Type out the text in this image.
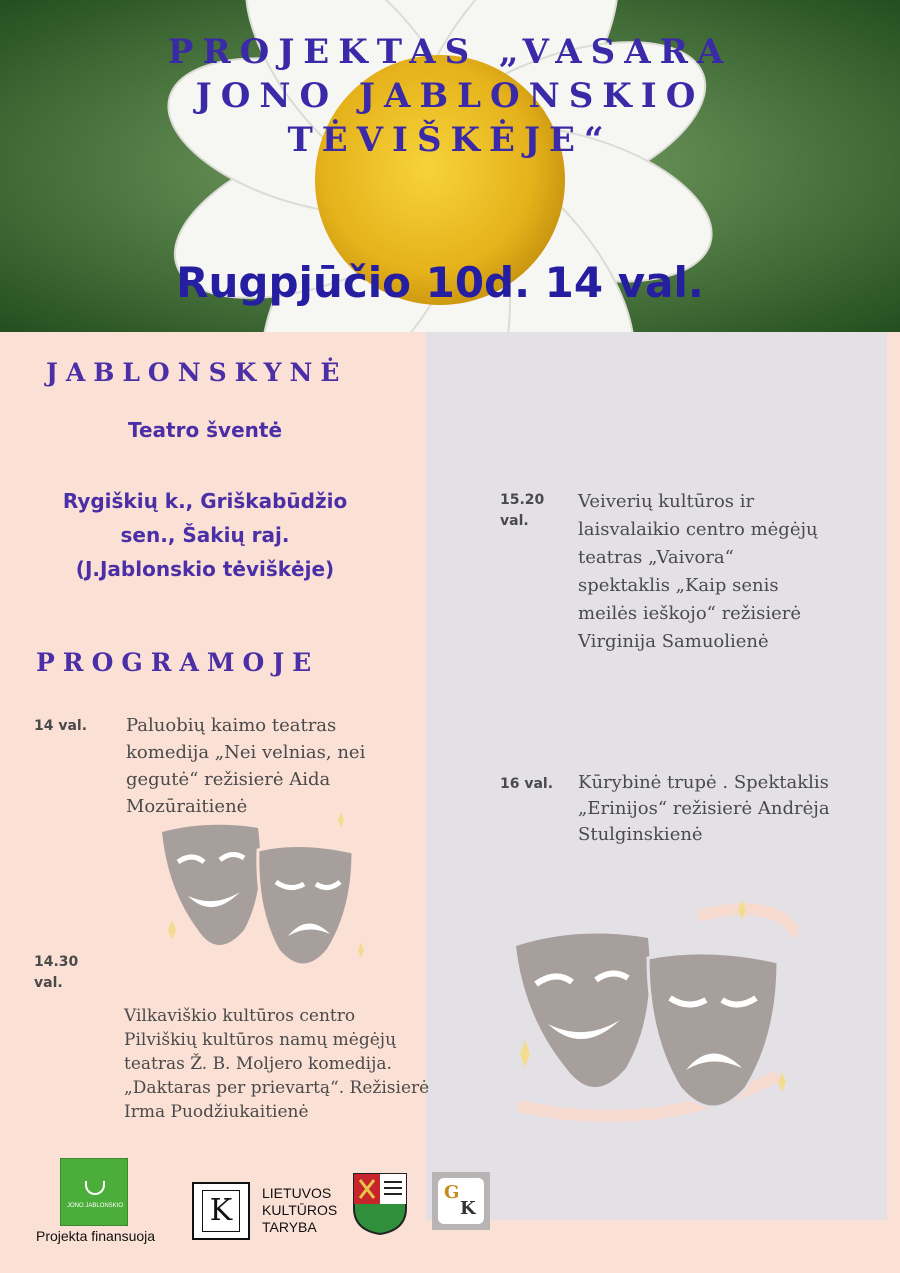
PROJEKTAS „VASARA
JONO JABLONSKIO
TĖVIŠKĖJE“
Rugpjūčio 10d. 14 val.
JABLONSKYNĖ
Teatro šventė
Rygiškių k., Griškabūdžio
sen., Šakių raj.
(J.Jablonskio tėviškėje)
PROGRAMOJE
14 val. Paluobių kaimo teatras
komedija „Nei velnias, nei
gegutė“ režisierė Aida
Mozūraitienė
14.30
val.
Vilkaviškio kultūros centro
Pilviškių kultūros namų mėgėjų
teatras Ž. B. Moljero komedija.
„Daktaras per prievartą“. Režisierė
Irma Puodžiukaitienė
15.20
val.
Veiverių kultūros ir
laisvalaikio centro mėgėjų
teatras „Vaivora“
spektaklis „Kaip senis
meilės ieškojo“ režisierė
Virginija Samuolienė
16 val. Kūrybinė trupė . Spektaklis
„Erinijos“ režisierė Andrėja
Stulginskienė
JONO JABLONSKIO
Projekta finansuoja
K	LIETUVOS
KULTŪROS
TARYBA
G
K
